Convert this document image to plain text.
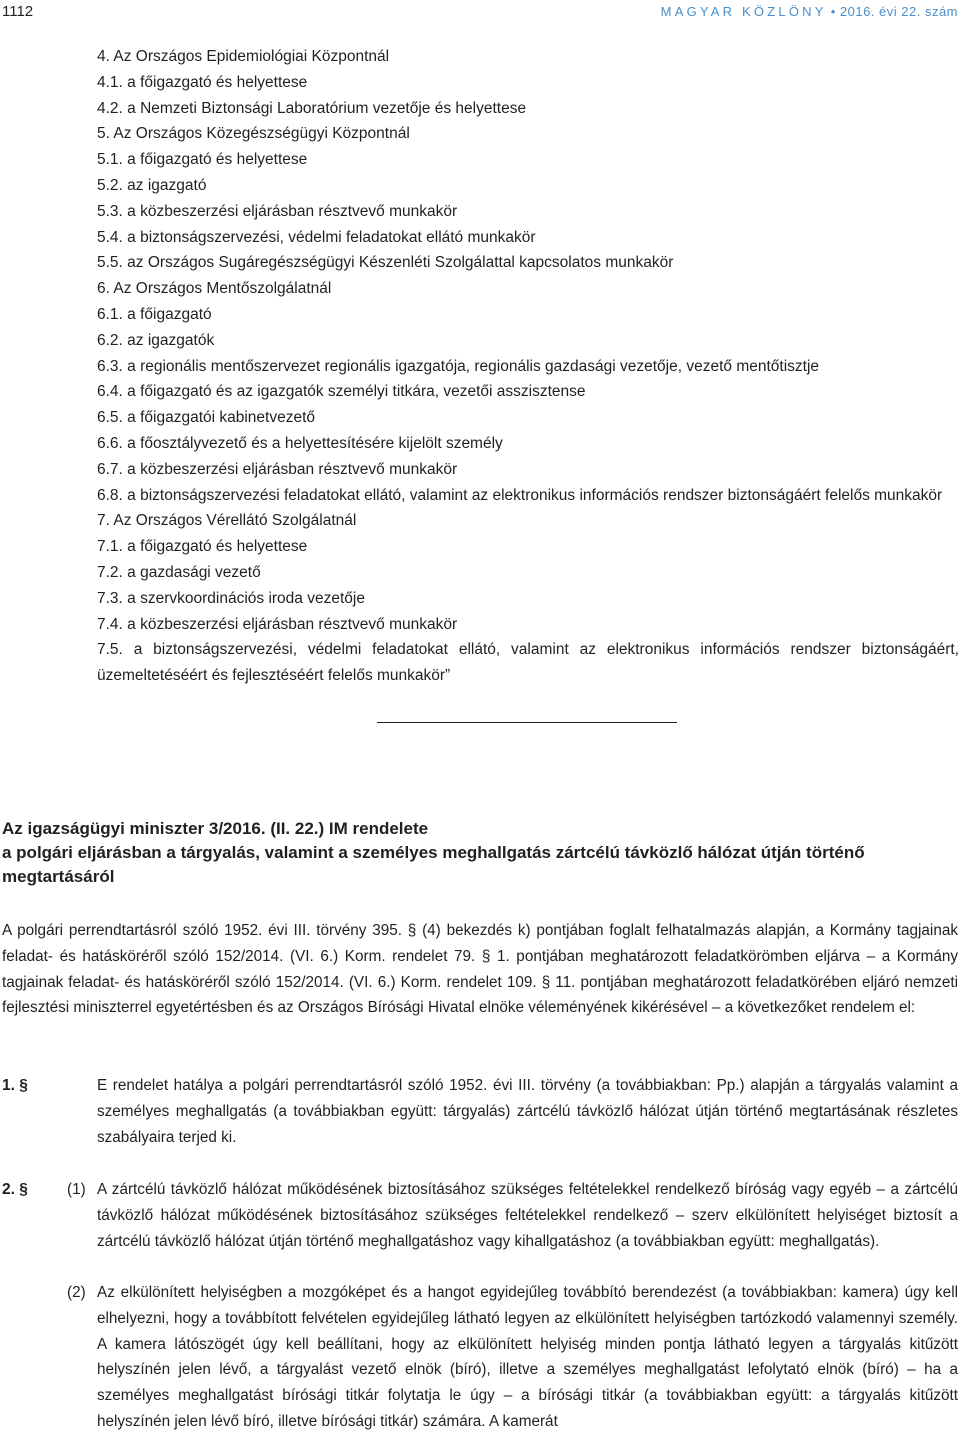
1112	MAGYAR KÖZLÖNY • 2016. évi 22. szám
4. Az Országos Epidemiológiai Központnál
4.1. a főigazgató és helyettese
4.2. a Nemzeti Biztonsági Laboratórium vezetője és helyettese
5. Az Országos Közegészségügyi Központnál
5.1. a főigazgató és helyettese
5.2. az igazgató
5.3. a közbeszerzési eljárásban résztvevő munkakör
5.4. a biztonságszervezési, védelmi feladatokat ellátó munkakör
5.5. az Országos Sugáregészségügyi Készenléti Szolgálattal kapcsolatos munkakör
6. Az Országos Mentőszolgálatnál
6.1. a főigazgató
6.2. az igazgatók
6.3. a regionális mentőszervezet regionális igazgatója, regionális gazdasági vezetője, vezető mentőtisztje
6.4. a főigazgató és az igazgatók személyi titkára, vezetői asszisztense
6.5. a főigazgatói kabinetvezető
6.6. a főosztályvezető és a helyettesítésére kijelölt személy
6.7. a közbeszerzési eljárásban résztvevő munkakör
6.8. a biztonságszervezési feladatokat ellátó, valamint az elektronikus információs rendszer biztonságáért felelős munkakör
7. Az Országos Vérellátó Szolgálatnál
7.1. a főigazgató és helyettese
7.2. a gazdasági vezető
7.3. a szervkoordinációs iroda vezetője
7.4. a közbeszerzési eljárásban résztvevő munkakör
7.5. a biztonságszervezési, védelmi feladatokat ellátó, valamint az elektronikus információs rendszer biztonságáért, üzemeltetéséért és fejlesztéséért felelős munkakör”
Az igazságügyi miniszter 3/2016. (II. 22.) IM rendelete
a polgári eljárásban a tárgyalás, valamint a személyes meghallgatás zártcélú távközlő hálózat útján történő megtartásáról
A polgári perrendtartásról szóló 1952. évi III. törvény 395. § (4) bekezdés k) pontjában foglalt felhatalmazás alapján, a Kormány tagjainak feladat- és hatásköréről szóló 152/2014. (VI. 6.) Korm. rendelet 79. § 1. pontjában meghatározott feladatkörömben eljárva – a Kormány tagjainak feladat- és hatásköréről szóló 152/2014. (VI. 6.) Korm. rendelet 109. § 11. pontjában meghatározott feladatkörében eljáró nemzeti fejlesztési miniszterrel egyetértésben és az Országos Bírósági Hivatal elnöke véleményének kikérésével – a következőket rendelem el:
1. §	E rendelet hatálya a polgári perrendtartásról szóló 1952. évi III. törvény (a továbbiakban: Pp.) alapján a tárgyalás valamint a személyes meghallgatás (a továbbiakban együtt: tárgyalás) zártcélú távközlő hálózat útján történő megtartásának részletes szabályaira terjed ki.
2. §	(1) A zártcélú távközlő hálózat működésének biztosításához szükséges feltételekkel rendelkező bíróság vagy egyéb – a zártcélú távközlő hálózat működésének biztosításához szükséges feltételekkel rendelkező – szerv elkülönített helyiséget biztosít a zártcélú távközlő hálózat útján történő meghallgatáshoz vagy kihallgatáshoz (a továbbiakban együtt: meghallgatás).
(2) Az elkülönített helyiségben a mozgóképet és a hangot egyidejűleg továbbító berendezést (a továbbiakban: kamera) úgy kell elhelyezni, hogy a továbbított felvételen egyidejűleg látható legyen az elkülönített helyiségben tartózkodó valamennyi személy. A kamera látószögét úgy kell beállítani, hogy az elkülönített helyiség minden pontja látható legyen a tárgyalás kitűzött helyszínén jelen lévő, a tárgyalást vezető elnök (bíró), illetve a személyes meghallgatást lefolytató elnök (bíró) – ha a személyes meghallgatást bírósági titkár folytatja le úgy – a bírósági titkár (a továbbiakban együtt: a tárgyalás kitűzött helyszínén jelen lévő bíró, illetve bírósági titkár) számára. A kamerát
